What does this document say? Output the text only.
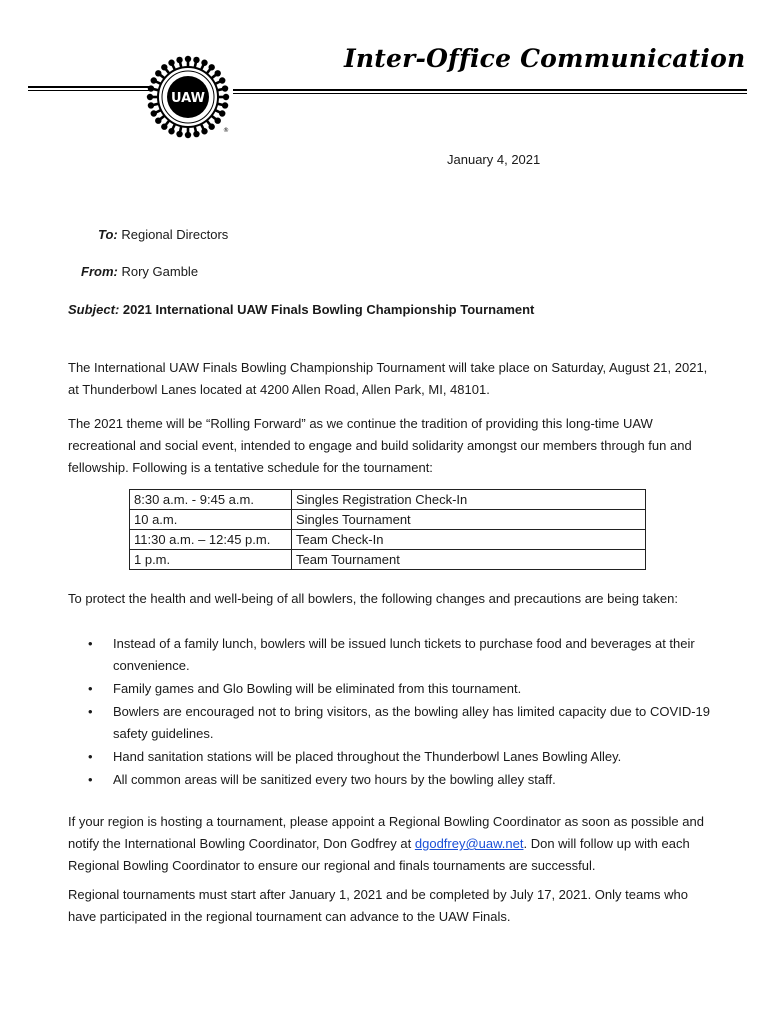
UAW
®
Inter-Office Communication
January 4, 2021
To: Regional Directors
From: Rory Gamble
Subject: 2021 International UAW Finals Bowling Championship Tournament
The International UAW Finals Bowling Championship Tournament will take place on Saturday, August 21, 2021, at Thunderbowl Lanes located at 4200 Allen Road, Allen Park, MI, 48101.
The 2021 theme will be “Rolling Forward” as we continue the tradition of providing this long-time UAW recreational and social event, intended to engage and build solidarity amongst our members through fun and fellowship. Following is a tentative schedule for the tournament:
8:30 a.m. - 9:45 a.m.	Singles Registration Check-In
10 a.m.	Singles Tournament
11:30 a.m. – 12:45 p.m.	Team Check-In
1 p.m.	Team Tournament
To protect the health and well-being of all bowlers, the following changes and precautions are being taken:
• Instead of a family lunch, bowlers will be issued lunch tickets to purchase food and beverages at their convenience.
• Family games and Glo Bowling will be eliminated from this tournament.
• Bowlers are encouraged not to bring visitors, as the bowling alley has limited capacity due to COVID-19 safety guidelines.
• Hand sanitation stations will be placed throughout the Thunderbowl Lanes Bowling Alley.
• All common areas will be sanitized every two hours by the bowling alley staff.
If your region is hosting a tournament, please appoint a Regional Bowling Coordinator as soon as possible and notify the International Bowling Coordinator, Don Godfrey at dgodfrey@uaw.net. Don will follow up with each Regional Bowling Coordinator to ensure our regional and finals tournaments are successful.
Regional tournaments must start after January 1, 2021 and be completed by July 17, 2021. Only teams who have participated in the regional tournament can advance to the UAW Finals.
